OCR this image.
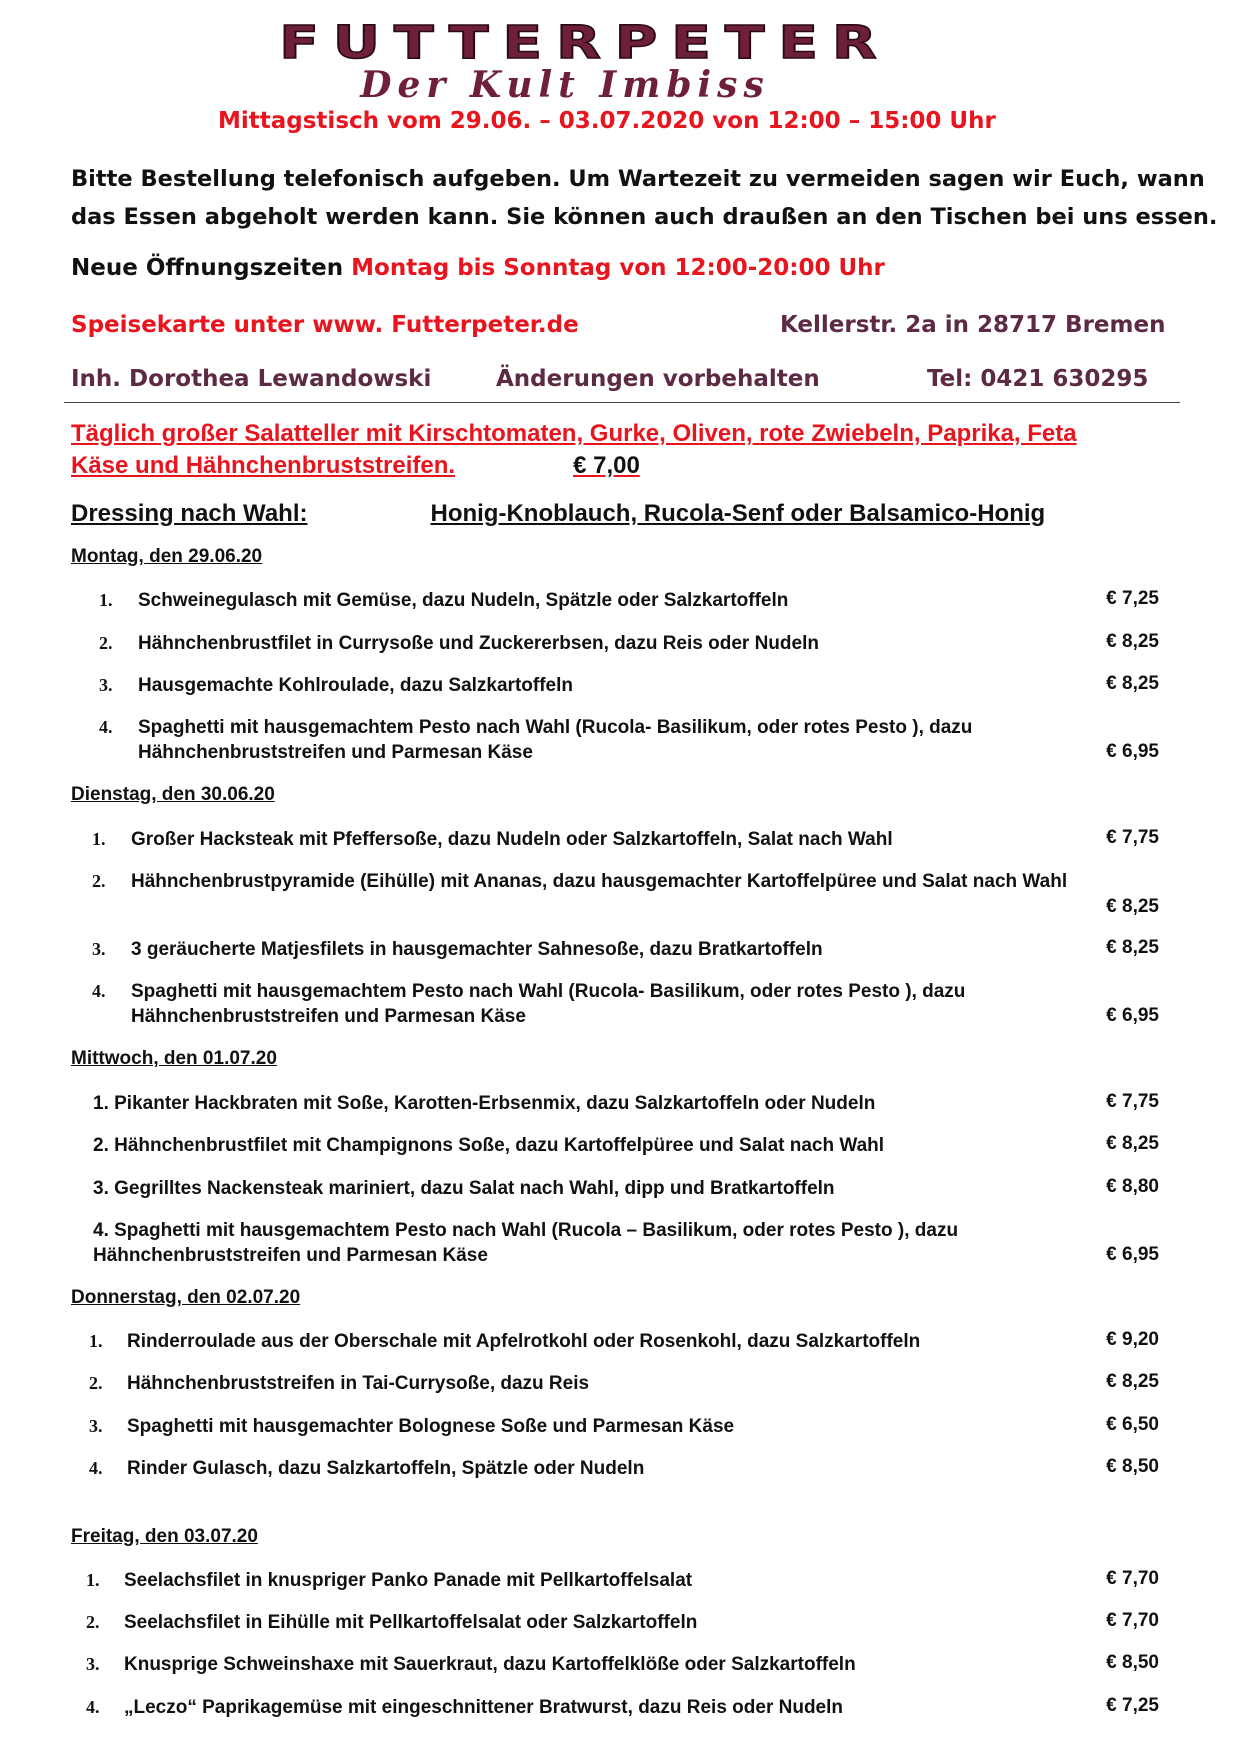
FUTTERPETER
Der Kult Imbiss
Mittagstisch vom 29.06. – 03.07.2020 von 12:00 – 15:00 Uhr
Bitte Bestellung telefonisch aufgeben. Um Wartezeit zu vermeiden sagen wir Euch, wann
das Essen abgeholt werden kann. Sie können auch draußen an den Tischen bei uns essen.
Neue Öffnungszeiten Montag bis Sonntag von 12:00-20:00 Uhr
Speisekarte unter www. Futterpeter.de	Kellerstr. 2a in 28717 Bremen
Inh. Dorothea Lewandowski	Änderungen vorbehalten	Tel: 0421 630295
Täglich großer Salatteller mit Kirschtomaten, Gurke, Oliven, rote Zwiebeln, Paprika, Feta
Käse und Hähnchenbruststreifen.	€ 7,00
Dressing nach Wahl:	Honig-Knoblauch, Rucola-Senf oder Balsamico-Honig
Montag, den 29.06.20
1. Schweinegulasch mit Gemüse, dazu Nudeln, Spätzle oder Salzkartoffeln	€ 7,25
2. Hähnchenbrustfilet in Currysoße und Zuckererbsen, dazu Reis oder Nudeln	€ 8,25
3. Hausgemachte Kohlroulade, dazu Salzkartoffeln	€ 8,25
4. Spaghetti mit hausgemachtem Pesto nach Wahl (Rucola- Basilikum, oder rotes Pesto ), dazu
Hähnchenbruststreifen und Parmesan Käse	€ 6,95
Dienstag, den 30.06.20
1. Großer Hacksteak mit Pfeffersoße, dazu Nudeln oder Salzkartoffeln, Salat nach Wahl	€ 7,75
2. Hähnchenbrustpyramide (Eihülle) mit Ananas, dazu hausgemachter Kartoffelpüree und Salat nach Wahl
€ 8,25
3. 3 geräucherte Matjesfilets in hausgemachter Sahnesoße, dazu Bratkartoffeln	€ 8,25
4. Spaghetti mit hausgemachtem Pesto nach Wahl (Rucola- Basilikum, oder rotes Pesto ), dazu
Hähnchenbruststreifen und Parmesan Käse	€ 6,95
Mittwoch, den 01.07.20
1. Pikanter Hackbraten mit Soße, Karotten-Erbsenmix, dazu Salzkartoffeln oder Nudeln	€ 7,75
2. Hähnchenbrustfilet mit Champignons Soße, dazu Kartoffelpüree und Salat nach Wahl	€ 8,25
3. Gegrilltes Nackensteak mariniert, dazu Salat nach Wahl, dipp und Bratkartoffeln	€ 8,80
4. Spaghetti mit hausgemachtem Pesto nach Wahl (Rucola – Basilikum, oder rotes Pesto ), dazu
Hähnchenbruststreifen und Parmesan Käse	€ 6,95
Donnerstag, den 02.07.20
1. Rinderroulade aus der Oberschale mit Apfelrotkohl oder Rosenkohl, dazu Salzkartoffeln	€ 9,20
2. Hähnchenbruststreifen in Tai-Currysoße, dazu Reis	€ 8,25
3. Spaghetti mit hausgemachter Bolognese Soße und Parmesan Käse	€ 6,50
4. Rinder Gulasch, dazu Salzkartoffeln, Spätzle oder Nudeln	€ 8,50
Freitag, den 03.07.20
1. Seelachsfilet in knuspriger Panko Panade mit Pellkartoffelsalat	€ 7,70
2. Seelachsfilet in Eihülle mit Pellkartoffelsalat oder Salzkartoffeln	€ 7,70
3. Knusprige Schweinshaxe mit Sauerkraut, dazu Kartoffelklöße oder Salzkartoffeln	€ 8,50
4. „Leczo“ Paprikagemüse mit eingeschnittener Bratwurst, dazu Reis oder Nudeln	€ 7,25
